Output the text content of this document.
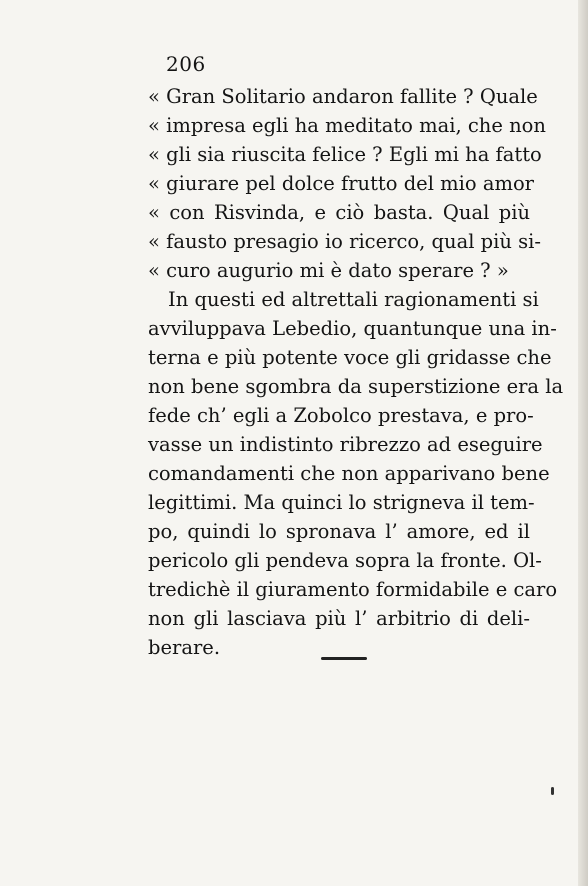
206
« Gran Solitario andaron fallite ? Quale
« impresa egli ha meditato mai, che non
« gli sia riuscita felice ? Egli mi ha fatto
« giurare pel dolce frutto del mio amor
« con Risvinda, e ciò basta. Qual più
« fausto presagio io ricerco, qual più si-
« curo augurio mi è dato sperare ? »
In questi ed altrettali ragionamenti si
avviluppava Lebedio, quantunque una in-
terna e più potente voce gli gridasse che
non bene sgombra da superstizione era la
fede ch’ egli a Zobolco prestava, e pro-
vasse un indistinto ribrezzo ad eseguire
comandamenti che non apparivano bene
legittimi. Ma quinci lo strigneva il tem-
po, quindi lo spronava l’ amore, ed il
pericolo gli pendeva sopra la fronte. Ol-
tredichè il giuramento formidabile e caro
non gli lasciava più l’ arbitrio di deli-
berare.
